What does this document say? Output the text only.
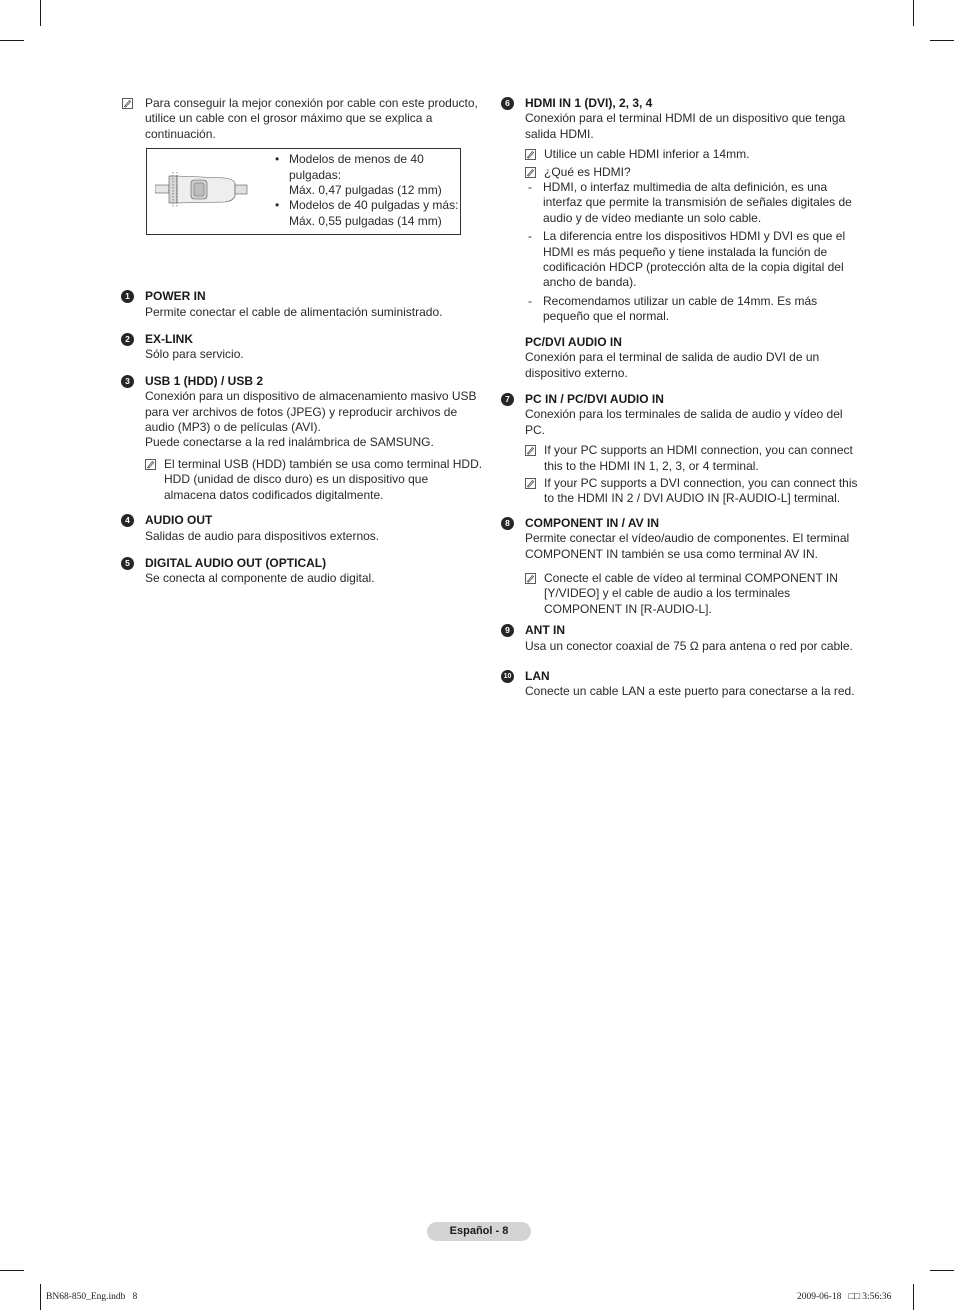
Para conseguir la mejor conexión por cable con este producto, utilice un cable con el grosor máximo que se explica a continuación.
• Modelos de menos de 40 pulgadas:
Máx. 0,47 pulgadas (12 mm)
• Modelos de 40 pulgadas y más:
Máx. 0,55 pulgadas (14 mm)
1	POWER IN
Permite conectar el cable de alimentación suministrado.
2	EX-LINK
Sólo para servicio.
3	USB 1 (HDD) / USB 2
Conexión para un dispositivo de almacenamiento masivo USB para ver archivos de fotos (JPEG) y reproducir archivos de audio (MP3) o de películas (AVI).
Puede conectarse a la red inalámbrica de SAMSUNG.
El terminal USB (HDD) también se usa como terminal HDD. HDD (unidad de disco duro) es un dispositivo que almacena datos codificados digitalmente.
4	AUDIO OUT
Salidas de audio para dispositivos externos.
5	DIGITAL AUDIO OUT (OPTICAL)
Se conecta al componente de audio digital.
6	HDMI IN 1 (DVI), 2, 3, 4
Conexión para el terminal HDMI de un dispositivo que tenga salida HDMI.
Utilice un cable HDMI inferior a 14mm.
¿Qué es HDMI?
- HDMI, o interfaz multimedia de alta definición, es una interfaz que permite la transmisión de señales digitales de audio y de vídeo mediante un solo cable.
- La diferencia entre los dispositivos HDMI y DVI es que el HDMI es más pequeño y tiene instalada la función de codificación HDCP (protección alta de la copia digital del ancho de banda).
- Recomendamos utilizar un cable de 14mm. Es más pequeño que el normal.
PC/DVI AUDIO IN
Conexión para el terminal de salida de audio DVI de un dispositivo externo.
7	PC IN / PC/DVI AUDIO IN
Conexión para los terminales de salida de audio y vídeo del PC.
If your PC supports an HDMI connection, you can connect this to the HDMI IN 1, 2, 3, or 4 terminal.
If your PC supports a DVI connection, you can connect this to the HDMI IN 2 / DVI AUDIO IN [R-AUDIO-L] terminal.
8	COMPONENT IN / AV IN
Permite conectar el vídeo/audio de componentes. El terminal COMPONENT IN también se usa como terminal AV IN.
Conecte el cable de vídeo al terminal COMPONENT IN [Y/VIDEO] y el cable de audio a los terminales COMPONENT IN [R-AUDIO-L].
9	ANT IN
Usa un conector coaxial de 75 Ω para antena o red por cable.
10 LAN
Conecte un cable LAN a este puerto para conectarse a la red.
Español - 8
BN68-850_Eng.indb   8	2009-06-18   □□ 3:56:36
